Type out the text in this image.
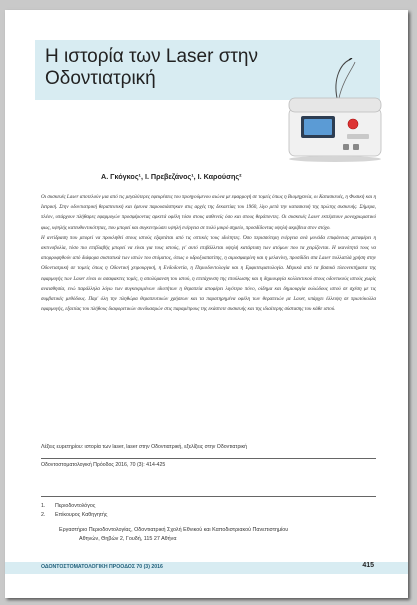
Η ιστορία των Laser στην
Οδοντιατρική
Α. Γκόγκος¹, Ι. Πρεβεζάνος¹, Ι. Καρούσης²

Οι συσκευές Laser αποτελούν μια από τις μεγαλύτερες εφευρέσεις του προηγούμενου αιώνα με εφαρμογή σε τομείς όπως η Βιομηχανία, οι Κατασκευές, η Φυσική και η Ιατρική. Στην οδοντιατρική θεραπευτική και έρευνα παρουσιάστηκαν στις αρχές της δεκαετίας του 1960, λίγο μετά την κατασκευή της πρώτης συσκευής. Σήμερα, πλέον, υπάρχουν πλήθαρες εφαρμογών προσφέροντας αρκετά οφέλη τόσο στους ασθενείς όσο και στους θεράποντες. Οι συσκευές Laser εκπέμπουν μονοχρωματικό φως, υψηλής κατευθυντικότητας, που μπορεί και συγκεντρώσει υψηλή ενέργεια σε πολύ μικρό σημείο, προσδίδοντας υψηλή ακρίβεια στον στόχο.

Η αντίδραση που μπορεί να προκληθεί στους ιστούς εξαρτάται από τις οπτικές τους ιδιότητες. Όσο περισσότερη ενέργεια ανά μονάδα επιφάνειας μεταφέρει η ακτινοβολία, τόσο πιο επιβλαβής μπορεί να είναι για τους ιστούς, γι' αυτό επιβάλλεται υψηλή κατάρτιση των ατόμων που τα χειρίζονται. Η ικανότητά τους να απορροφηθούν από διάφορα συστατικά των ιστών του στόματος, όπως ο υδροξυαπατίτης, η αιμοσφαιρίνη και η μελανίνη, προσδίδει στα Laser πολλαπλά χρήση στην Οδοντιατρική σε τομείς όπως η Οδοντική χειρουργική, η Ενδοδοντία, η Περιοδοντολογία και η Εμφυτευματολογία. Μερικά από τα βασικά πλεονεκτήματα της εφαρμογής των Laser είναι οι ασαφακτες τομές, η απολύμανση του ιστού, η επιτάχυνση της επούλωσης και η δημιουργία κολλεκτικού στους οδοντικούς ιστούς χωρίς αναισθησία, ενώ παράλληλα λόγω των συγκεκριμένων ιδιοτήτων η θεραπεία αποφέρει λιγότερο πόνο, οίδημα και δημιουργία ουλώδους ιστού σε σχέση με τις συμβατικές μεθόδους. Παρ' όλη την πληθώρα θεραπευτικών χρήσεων και τα παρατηρημένα οφέλη των θεραπειών με Laser, υπάρχει έλλειψη σε πρωτόκολλα εφαρμογής, εξαιτίας του πλήθους διαφορετικών συνδυασμών στις παραμέτρους της εκάστοτε συσκευής και της ιδιαίτερης σύστασης του κάθε ιστού.

Λέξεις ευρετηρίου: ιστορία των laser, laser στην Οδοντιατρική, εξελίξεις στην Οδοντιατρική
Οδοντοστοματολογική Πρόοδος 2016, 70 (3): 414-425
1.	Περιοδοντολόγος
2.	Επίκουρος Καθηγητής
Εργαστήριο Περιοδοντολογίας, Οδοντιατρική Σχολή Εθνικού και Καποδιστριακού Πανεπιστημίου
Αθηνών, Θηβών 2, Γουδή, 115 27 Αθήνα
ΟΔΟΝΤΟΣΤΟΜΑΤΟΛΟΓΙΚΗ ΠΡΟΟΔΟΣ 70 (3) 2016	415
